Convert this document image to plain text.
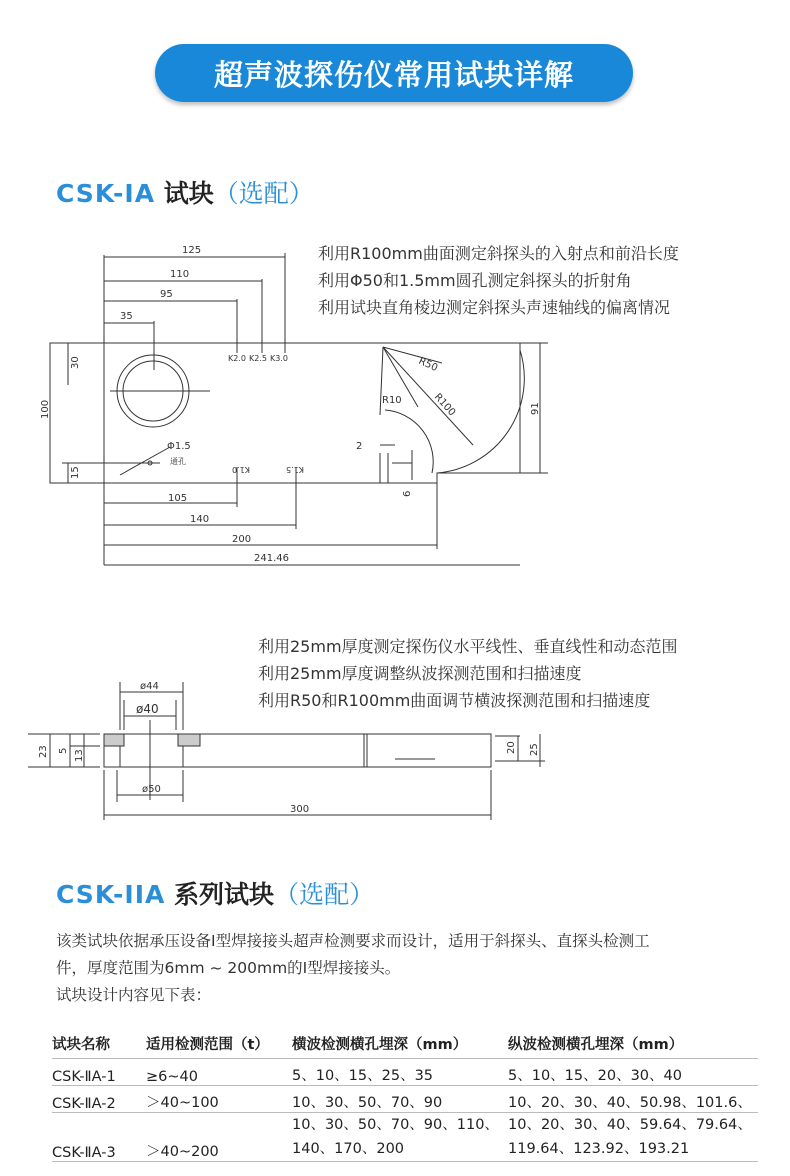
超声波探伤仪常用试块详解
CSK-IA 试块（选配）
利用R100mm曲面测定斜探头的入射点和前沿长度
利用Φ50和1.5mm圆孔测定斜探头的折射角
利用试块直角棱边测定斜探头声速轴线的偏离情况
125
110
95
35
K2.0 K2.5 K3.0
30
100
15
R50
R10	R100	91
2
6
Φ1.5
通孔
K1.0	K1.5
105
140
200
241.46
利用25mm厚度测定探伤仪水平线性、垂直线性和动态范围
利用25mm厚度调整纵波探测范围和扫描速度
利用R50和R100mm曲面调节横波探测范围和扫描速度
ø44
ø40
ø50
23 5 13
20 25
300
CSK-IIA 系列试块（选配）
该类试块依据承压设备I型焊接接头超声检测要求而设计，适用于斜探头、直探头检测工
件，厚度范围为6mm ~ 200mm的Ⅰ型焊接接头。
试块设计内容见下表：
试块名称	适用检测范围（t）	横波检测横孔埋深（mm）	纵波检测横孔埋深（mm）
CSK-ⅡA-1	≥6~40	5、10、15、25、35	5、10、15、20、30、40
CSK-ⅡA-2	＞40~100	10、30、50、70、90	10、20、30、40、50.98、101.6、
CSK-ⅡA-3	＞40~200	10、30、50、70、90、110、140、170、200	10、20、30、40、59.64、79.64、119.64、123.92、193.21
